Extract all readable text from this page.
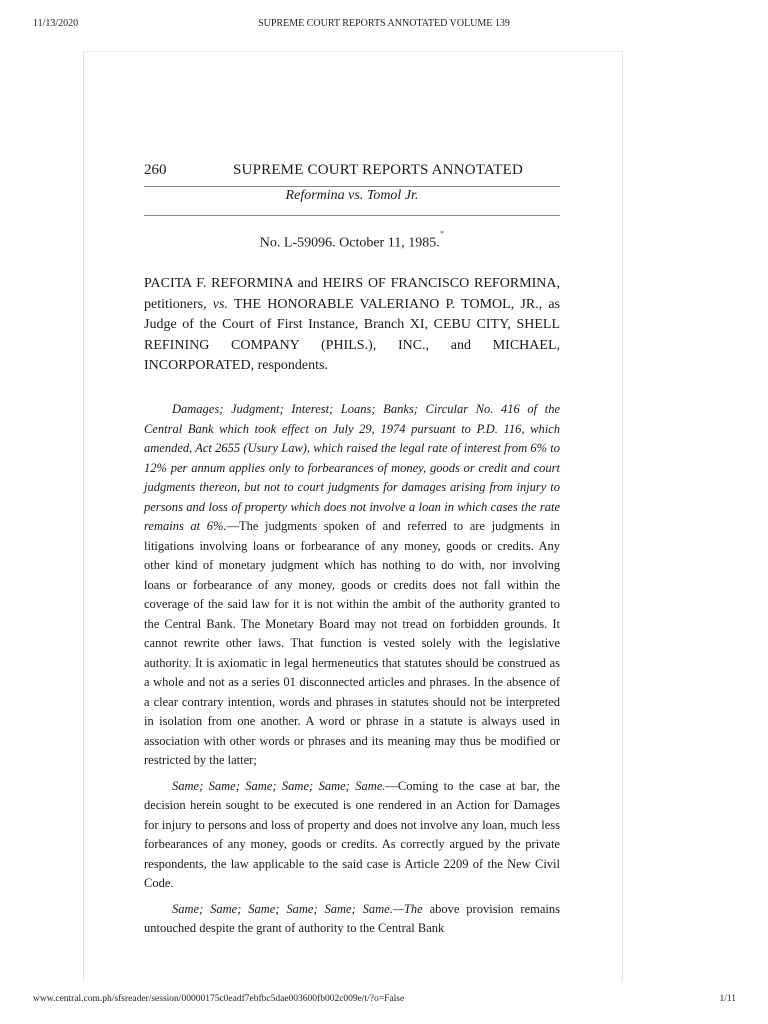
11/13/2020	SUPREME COURT REPORTS ANNOTATED VOLUME 139
260	SUPREME COURT REPORTS ANNOTATED
Reformina vs. Tomol Jr.
No. L-59096. October 11, 1985.*
PACITA F. REFORMINA and HEIRS OF FRANCISCO REFORMINA, petitioners, vs. THE HONORABLE VALERIANO P. TOMOL, JR., as Judge of the Court of First Instance, Branch XI, CEBU CITY, SHELL REFINING COMPANY (PHILS.), INC., and MICHAEL, INCORPORATED, respondents.

Damages; Judgment; Interest; Loans; Banks; Circular No. 416 of the Central Bank which took effect on July 29, 1974 pursuant to P.D. 116, which amended, Act 2655 (Usury Law), which raised the legal rate of interest from 6% to 12% per annum applies only to forbearances of money, goods or credit and court judgments thereon, but not to court judgments for damages arising from injury to persons and loss of property which does not involve a loan in which cases the rate remains at 6%.—The judgments spoken of and referred to are judgments in litigations involving loans or forbearance of any money, goods or credits. Any other kind of monetary judgment which has nothing to do with, nor involving loans or forbearance of any money, goods or credits does not fall within the coverage of the said law for it is not within the ambit of the authority granted to the Central Bank. The Monetary Board may not tread on forbidden grounds. It cannot rewrite other laws. That function is vested solely with the legislative authority. It is axiomatic in legal hermeneutics that statutes should be construed as a whole and not as a series 01 disconnected articles and phrases. In the absence of a clear contrary intention, words and phrases in statutes should not be interpreted in isolation from one another. A word or phrase in a statute is always used in association with other words or phrases and its meaning may thus be modified or restricted by the latter;

Same; Same; Same; Same; Same; Same.—Coming to the case at bar, the decision herein sought to be executed is one rendered in an Action for Damages for injury to persons and loss of property and does not involve any loan, much less forbearances of any money, goods or credits. As correctly argued by the private respondents, the law applicable to the said case is Article 2209 of the New Civil Code.

Same; Same; Same; Same; Same; Same.—The above provision remains untouched despite the grant of authority to the Central Bank

www.central.com.ph/sfsreader/session/00000175c0eadf7ebfbc5dae003600fb002c009e/t/?o=False	1/11
